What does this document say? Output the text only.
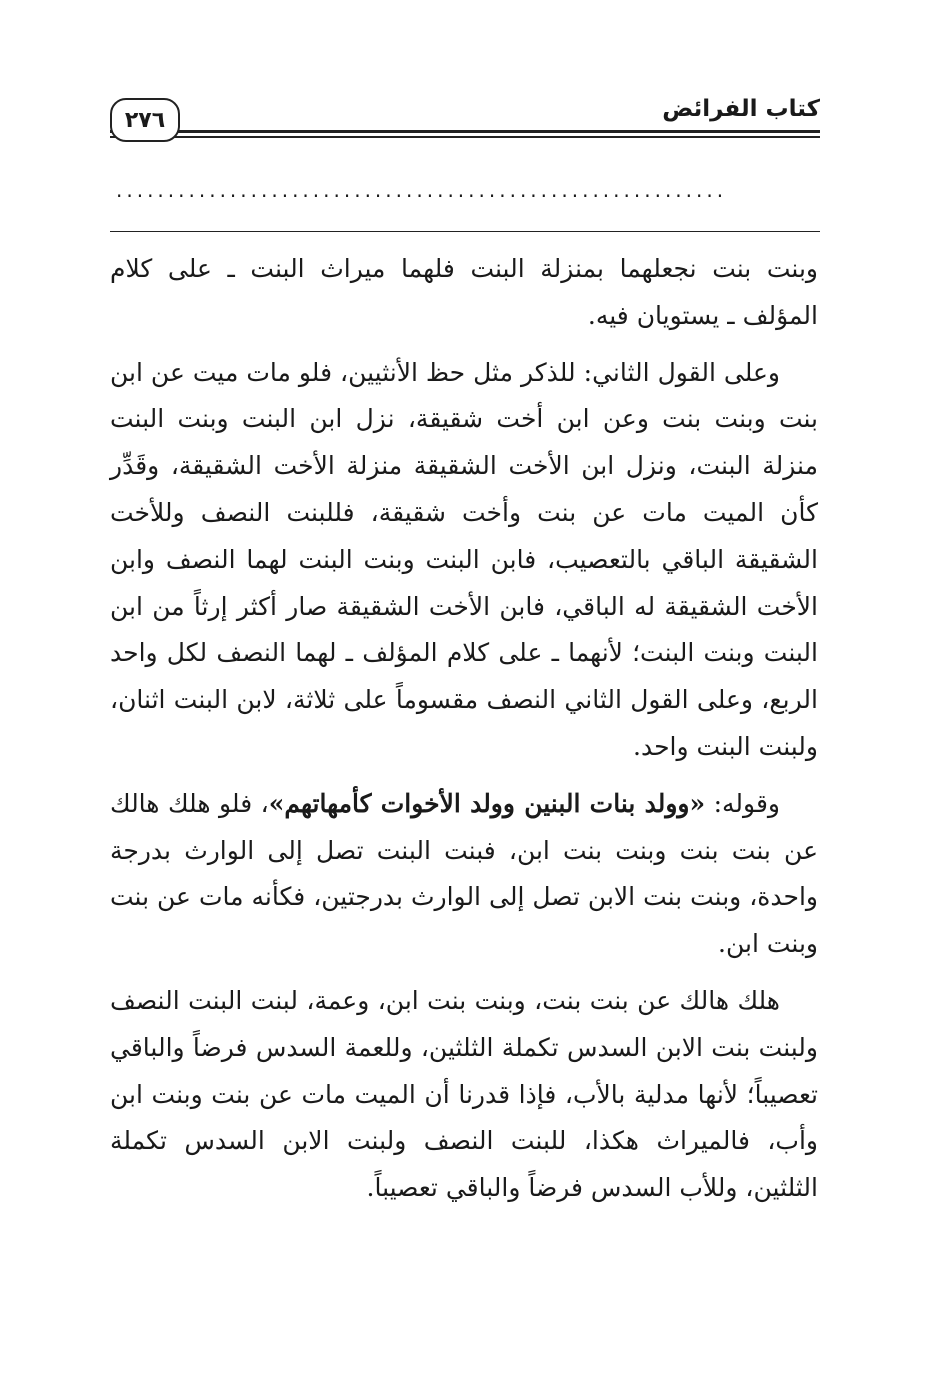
٢٧٦	كتاب الفرائض
...........................................................

وبنت بنت نجعلهما بمنزلة البنت فلهما ميراث البنت ـ على كلام المؤلف ـ يستويان فيه.

وعلى القول الثاني: للذكر مثل حظ الأنثيين، فلو مات ميت عن ابن بنت وبنت بنت وعن ابن أخت شقيقة، نزل ابن البنت وبنت البنت منزلة البنت، ونزل ابن الأخت الشقيقة منزلة الأخت الشقيقة، وقَدِّر كأن الميت مات عن بنت وأخت شقيقة، فللبنت النصف وللأخت الشقيقة الباقي بالتعصيب، فابن البنت وبنت البنت لهما النصف وابن الأخت الشقيقة له الباقي، فابن الأخت الشقيقة صار أكثر إرثاً من ابن البنت وبنت البنت؛ لأنهما ـ على كلام المؤلف ـ لهما النصف لكل واحد الربع، وعلى القول الثاني النصف مقسوماً على ثلاثة، لابن البنت اثنان، ولبنت البنت واحد.

وقوله: «وولد بنات البنين وولد الأخوات كأمهاتهم»، فلو هلك هالك عن بنت بنت وبنت بنت ابن، فبنت البنت تصل إلى الوارث بدرجة واحدة، وبنت بنت الابن تصل إلى الوارث بدرجتين، فكأنه مات عن بنت وبنت ابن.

هلك هالك عن بنت بنت، وبنت بنت ابن، وعمة، لبنت البنت النصف ولبنت بنت الابن السدس تكملة الثلثين، وللعمة السدس فرضاً والباقي تعصيباً؛ لأنها مدلية بالأب، فإذا قدرنا أن الميت مات عن بنت وبنت ابن وأب، فالميراث هكذا، للبنت النصف ولبنت الابن السدس تكملة الثلثين، وللأب السدس فرضاً والباقي تعصيباً.
